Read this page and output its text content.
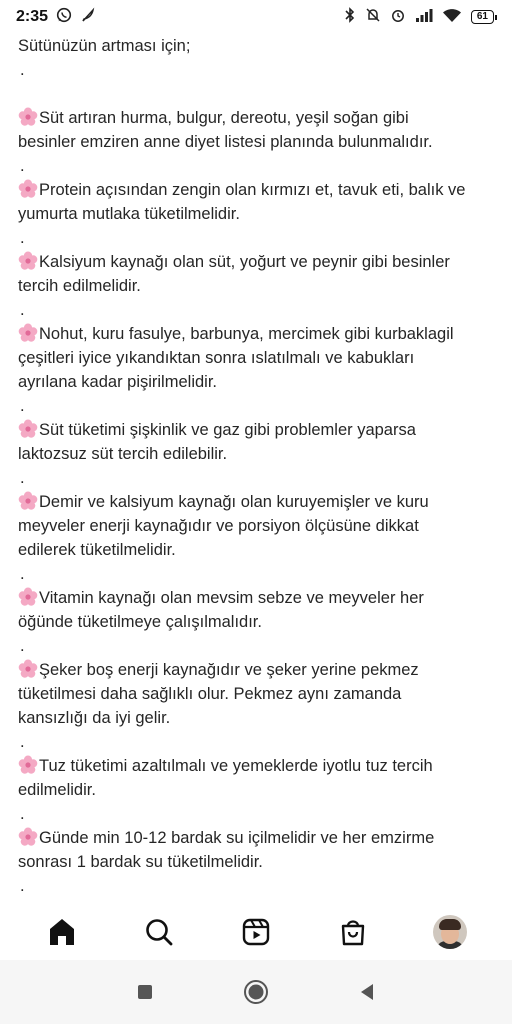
2:35	61

Sütünüzün artması için;

.
Süt artıran hurma, bulgur, dereotu, yeşil soğan gibi
besinler emziren anne diyet listesi planında bulunmalıdır.
.
Protein açısından zengin olan kırmızı et, tavuk eti, balık ve
yumurta mutlaka tüketilmelidir.
.
Kalsiyum kaynağı olan süt, yoğurt ve peynir gibi besinler
tercih edilmelidir.
.
Nohut, kuru fasulye, barbunya, mercimek gibi kurbaklagil
çeşitleri iyice yıkandıktan sonra ıslatılmalı ve kabukları
ayrılana kadar pişirilmelidir.
.
Süt tüketimi şişkinlik ve gaz gibi problemler yaparsa
laktozsuz süt tercih edilebilir.
.
Demir ve kalsiyum kaynağı olan kuruyemişler ve kuru
meyveler enerji kaynağıdır ve porsiyon ölçüsüne dikkat
edilerek tüketilmelidir.
.
Vitamin kaynağı olan mevsim sebze ve meyveler her
öğünde tüketilmeye çalışılmalıdır.
.
Şeker boş enerji kaynağıdır ve şeker yerine pekmez
tüketilmesi daha sağlıklı olur. Pekmez aynı zamanda
kansızlığı da iyi gelir.
.
Tuz tüketimi azaltılmalı ve yemeklerde iyotlu tuz tercih
edilmelidir.
.
Günde min 10-12 bardak su içilmelidir ve her emzirme
sonrası 1 bardak su tüketilmelidir.
.
